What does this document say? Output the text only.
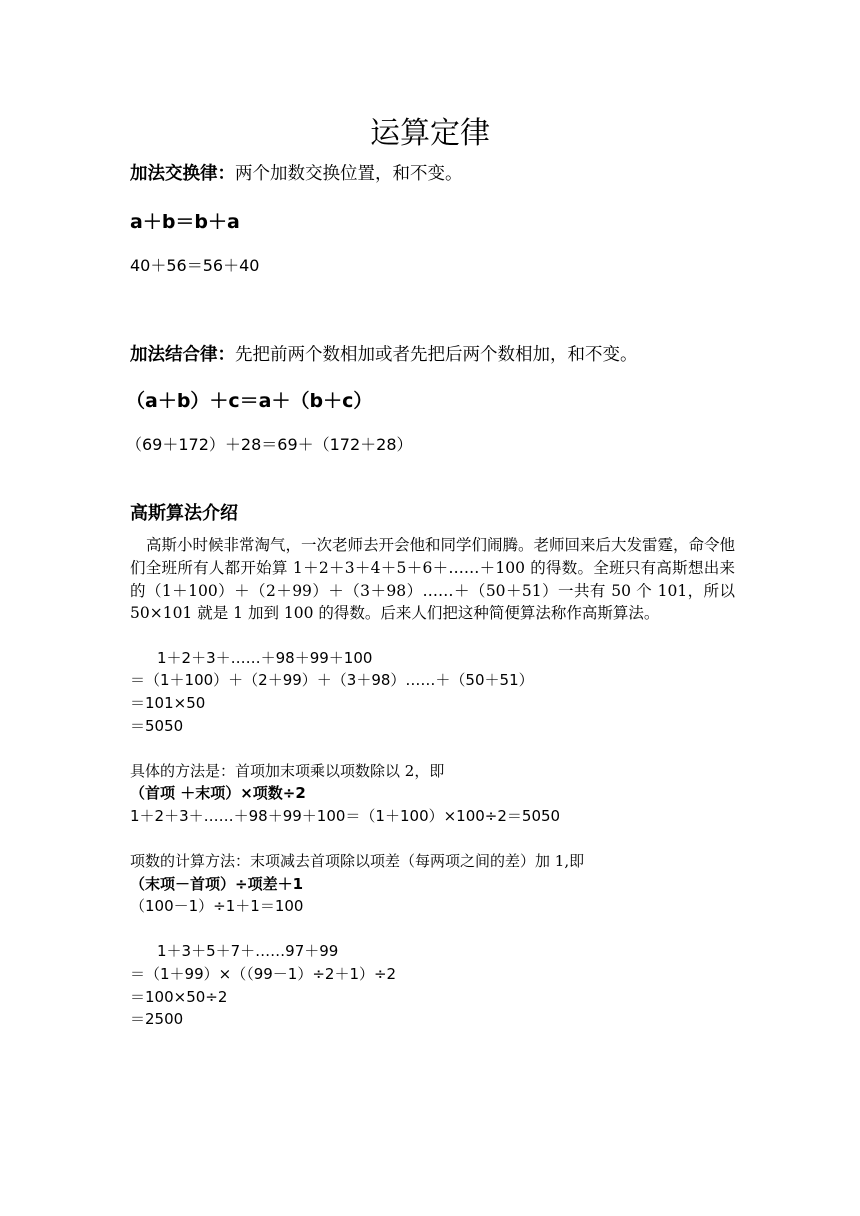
运算定律
加法交换律：两个加数交换位置，和不变。
a＋b＝b＋a
40＋56＝56＋40
加法结合律：先把前两个数相加或者先把后两个数相加，和不变。
（a＋b）＋c＝a＋（b＋c）
（69＋172）＋28＝69＋（172＋28）
高斯算法介绍
高斯小时候非常淘气，一次老师去开会他和同学们闹腾。老师回来后大发雷霆，命令他们全班所有人都开始算 1＋2＋3＋4＋5＋6＋……＋100 的得数。全班只有高斯想出来的（1＋100）＋（2＋99）＋（3＋98）……＋（50＋51）一共有 50 个 101，所以 50×101 就是 1 加到 100 的得数。后来人们把这种简便算法称作高斯算法。
1＋2＋3＋……＋98＋99＋100
＝（1＋100）＋（2＋99）＋（3＋98）……＋（50＋51）
＝101×50
＝5050
具体的方法是：首项加末项乘以项数除以 2，即
（首项 ＋末项）×项数÷2
1＋2＋3＋……＋98＋99＋100＝（1＋100）×100÷2＝5050
项数的计算方法：末项减去首项除以项差（每两项之间的差）加 1,即
（末项－首项）÷项差＋1
（100－1）÷1＋1＝100
1＋3＋5＋7＋……97＋99
＝（1＋99）×（（99－1）÷2＋1）÷2
＝100×50÷2
＝2500
